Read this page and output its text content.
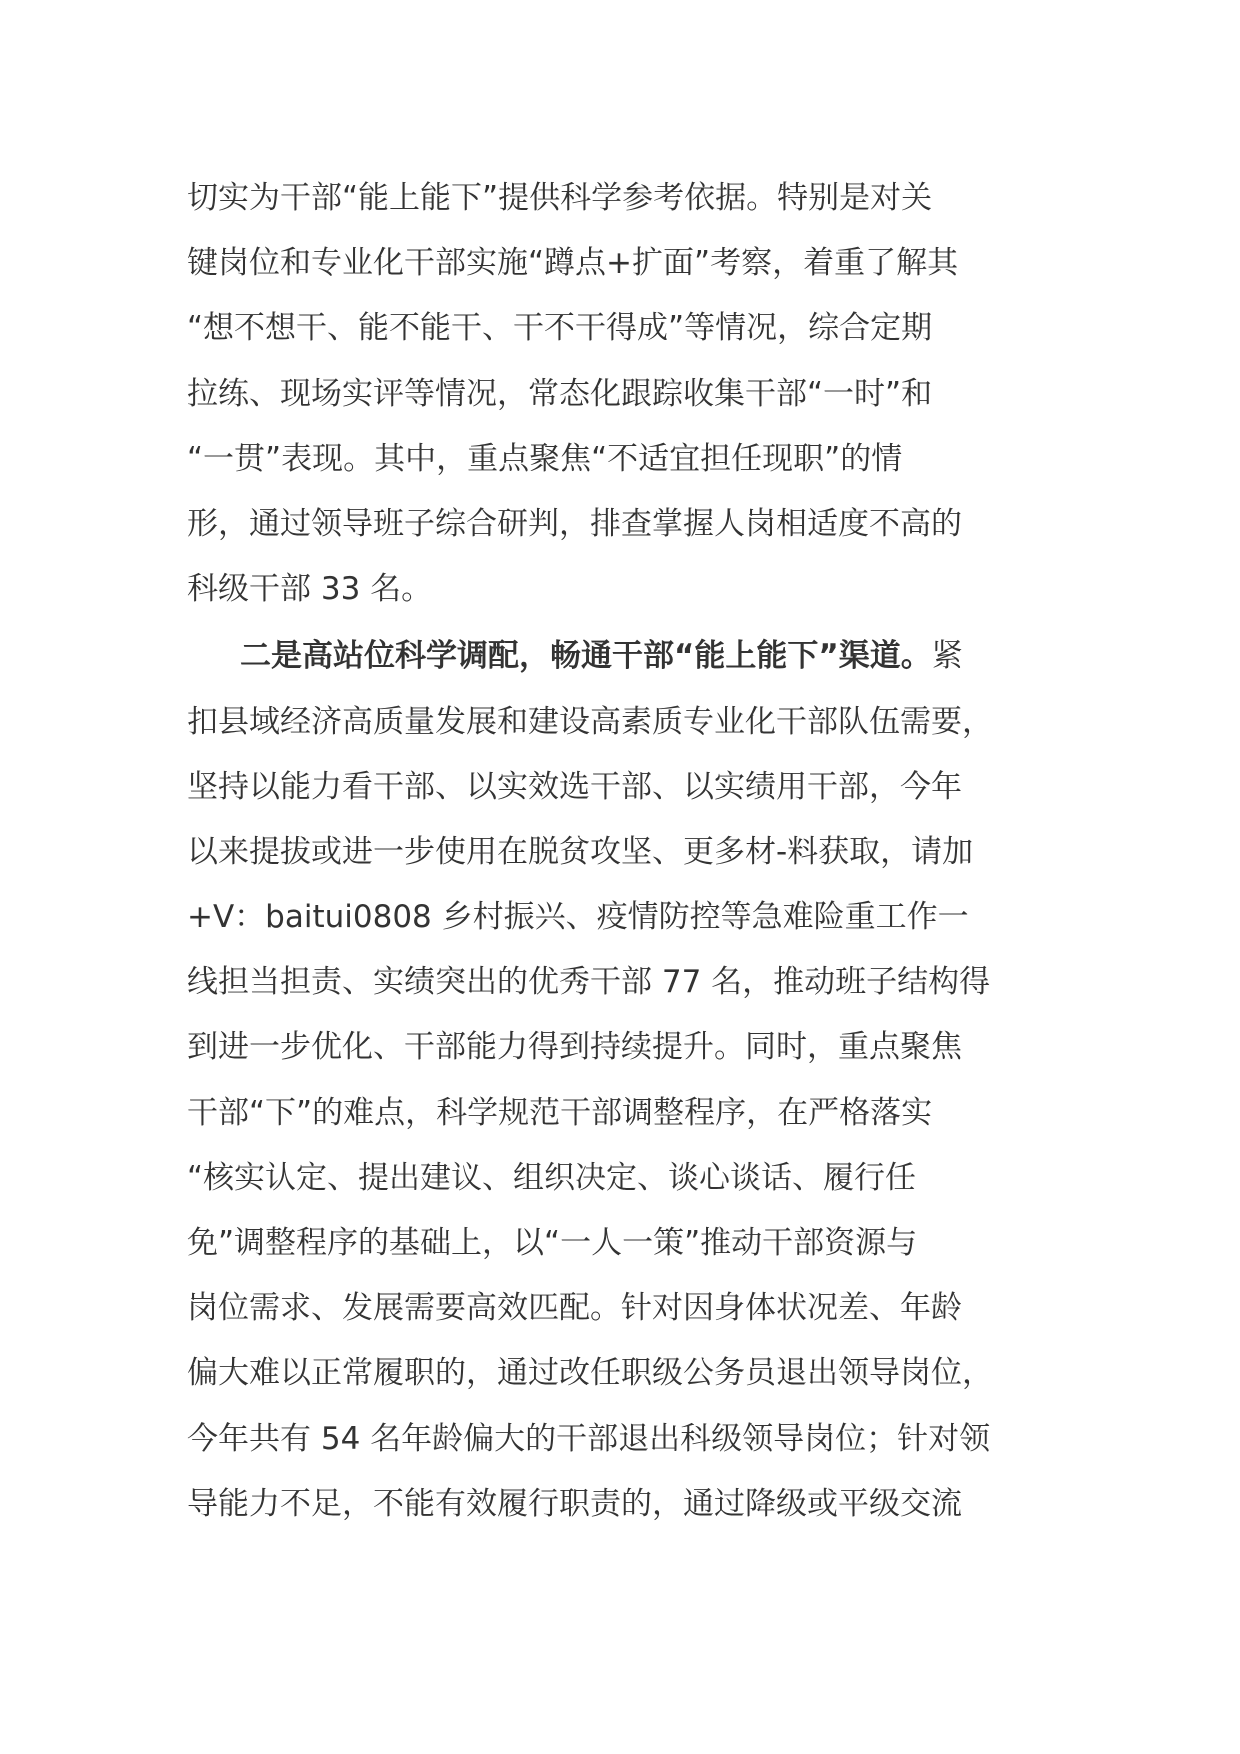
切实为干部“能上能下”提供科学参考依据。特别是对关
键岗位和专业化干部实施“蹲点+扩面”考察，着重了解其
“想不想干、能不能干、干不干得成”等情况，综合定期
拉练、现场实评等情况，常态化跟踪收集干部“一时”和
“一贯”表现。其中，重点聚焦“不适宜担任现职”的情
形，通过领导班子综合研判，排查掌握人岗相适度不高的
科级干部 33 名。
二是高站位科学调配，畅通干部“能上能下”渠道。紧
扣县域经济高质量发展和建设高素质专业化干部队伍需要，
坚持以能力看干部、以实效选干部、以实绩用干部，今年
以来提拔或进一步使用在脱贫攻坚、更多材-料获取，请加
+V：baitui0808 乡村振兴、疫情防控等急难险重工作一
线担当担责、实绩突出的优秀干部 77 名，推动班子结构得
到进一步优化、干部能力得到持续提升。同时，重点聚焦
干部“下”的难点，科学规范干部调整程序，在严格落实
“核实认定、提出建议、组织决定、谈心谈话、履行任
免”调整程序的基础上，以“一人一策”推动干部资源与
岗位需求、发展需要高效匹配。针对因身体状况差、年龄
偏大难以正常履职的，通过改任职级公务员退出领导岗位，
今年共有 54 名年龄偏大的干部退出科级领导岗位；针对领
导能力不足，不能有效履行职责的，通过降级或平级交流
